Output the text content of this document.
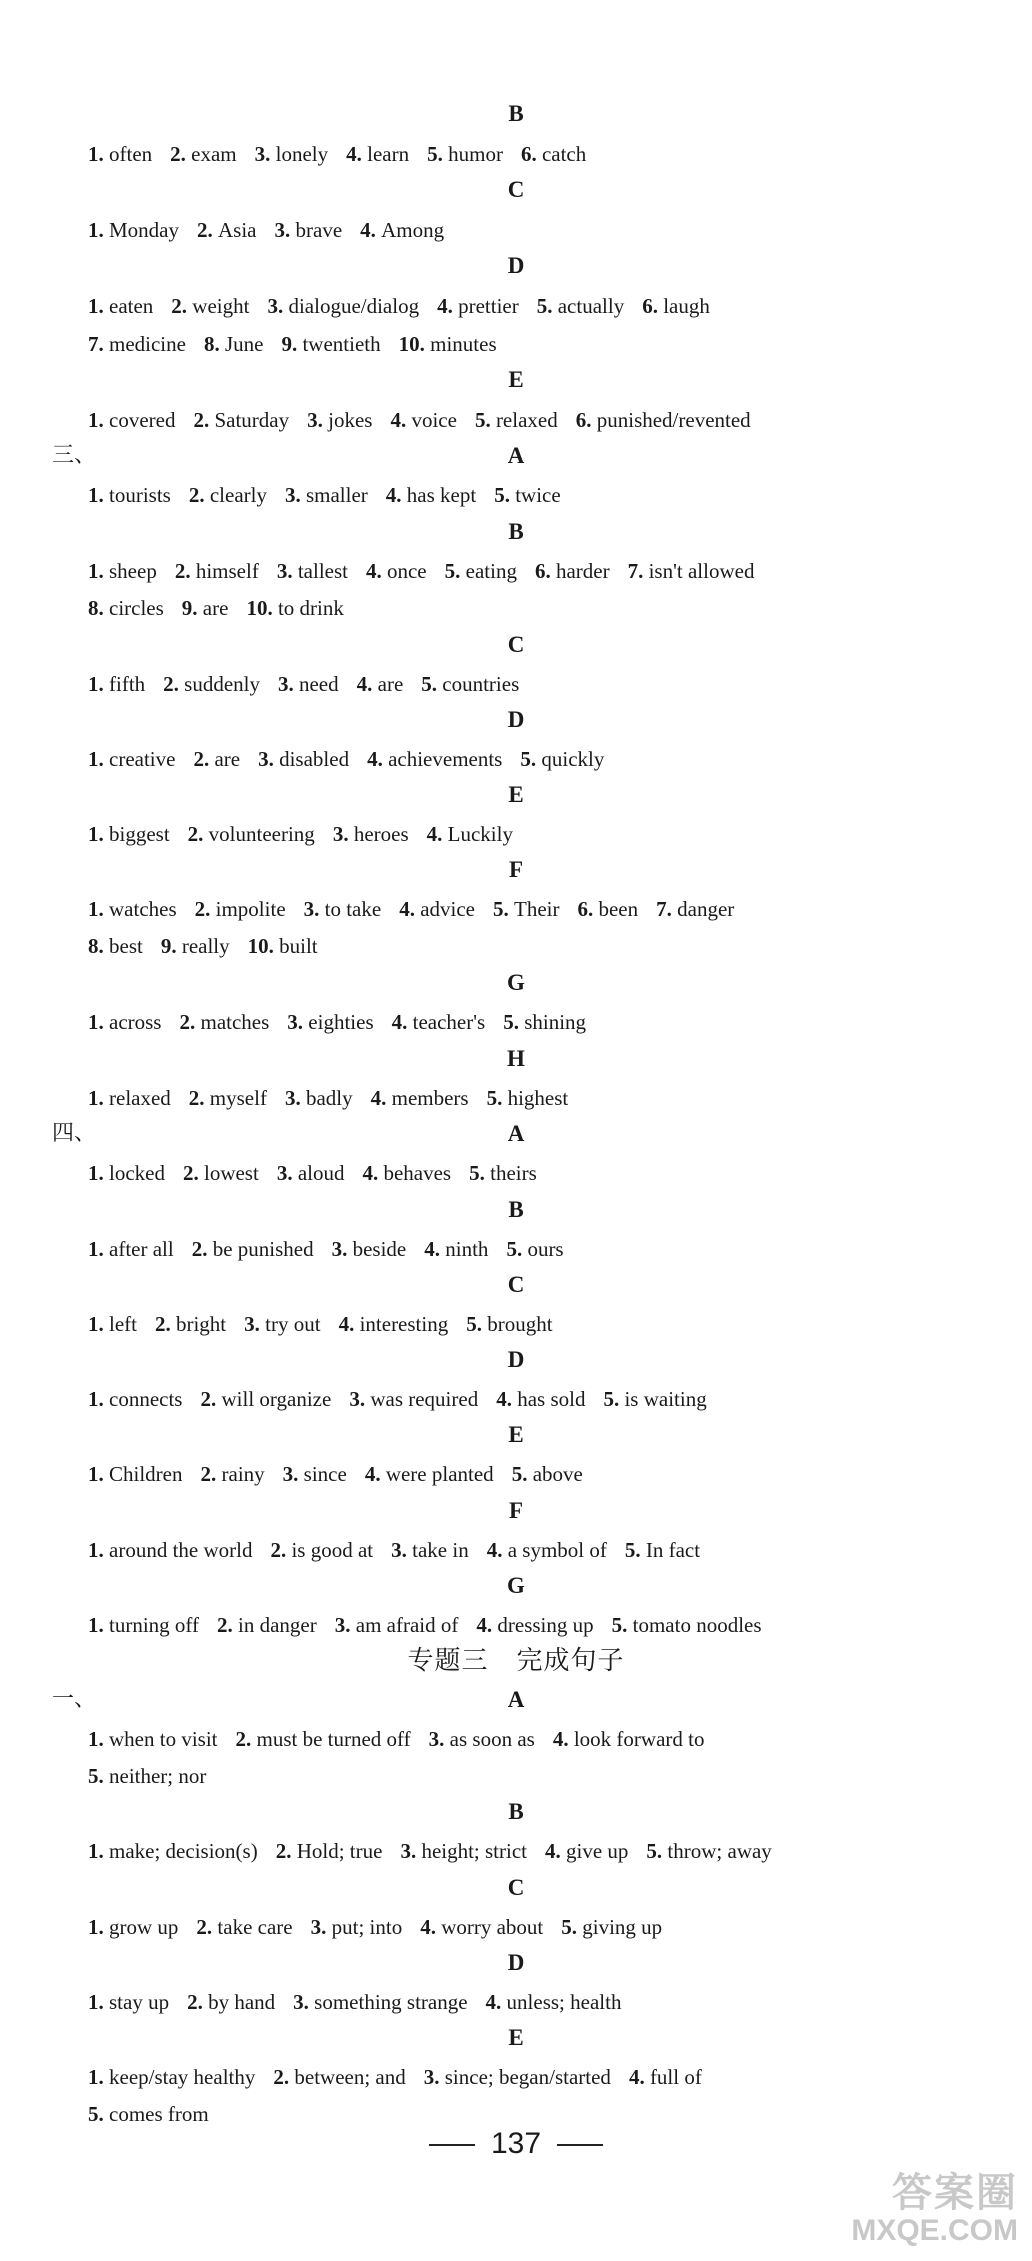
B
1. often 2. exam 3. lonely 4. learn 5. humor 6. catch
C
1. Monday 2. Asia 3. brave 4. Among
D
1. eaten 2. weight 3. dialogue/dialog 4. prettier 5. actually 6. laugh
7. medicine 8. June 9. twentieth 10. minutes
E
1. covered 2. Saturday 3. jokes 4. voice 5. relaxed 6. punished/revented
三、	A
1. tourists 2. clearly 3. smaller 4. has kept 5. twice
B
1. sheep 2. himself 3. tallest 4. once 5. eating 6. harder 7. isn't allowed
8. circles 9. are 10. to drink
C
1. fifth 2. suddenly 3. need 4. are 5. countries
D
1. creative 2. are 3. disabled 4. achievements 5. quickly
E
1. biggest 2. volunteering 3. heroes 4. Luckily
F
1. watches 2. impolite 3. to take 4. advice 5. Their 6. been 7. danger
8. best 9. really 10. built
G
1. across 2. matches 3. eighties 4. teacher's 5. shining
H
1. relaxed 2. myself 3. badly 4. members 5. highest
四、	A
1. locked 2. lowest 3. aloud 4. behaves 5. theirs
B
1. after all 2. be punished 3. beside 4. ninth 5. ours
C
1. left 2. bright 3. try out 4. interesting 5. brought
D
1. connects 2. will organize 3. was required 4. has sold 5. is waiting
E
1. Children 2. rainy 3. since 4. were planted 5. above
F
1. around the world 2. is good at 3. take in 4. a symbol of 5. In fact
G
1. turning off 2. in danger 3. am afraid of 4. dressing up 5. tomato noodles
专题三 完成句子
一、	A
1. when to visit 2. must be turned off 3. as soon as 4. look forward to
5. neither; nor
B
1. make; decision(s) 2. Hold; true 3. height; strict 4. give up 5. throw; away
C
1. grow up 2. take care 3. put; into 4. worry about 5. giving up
D
1. stay up 2. by hand 3. something strange 4. unless; health
E
1. keep/stay healthy 2. between; and 3. since; began/started 4. full of
5. comes from
137
答案圈
MXQE.COM
